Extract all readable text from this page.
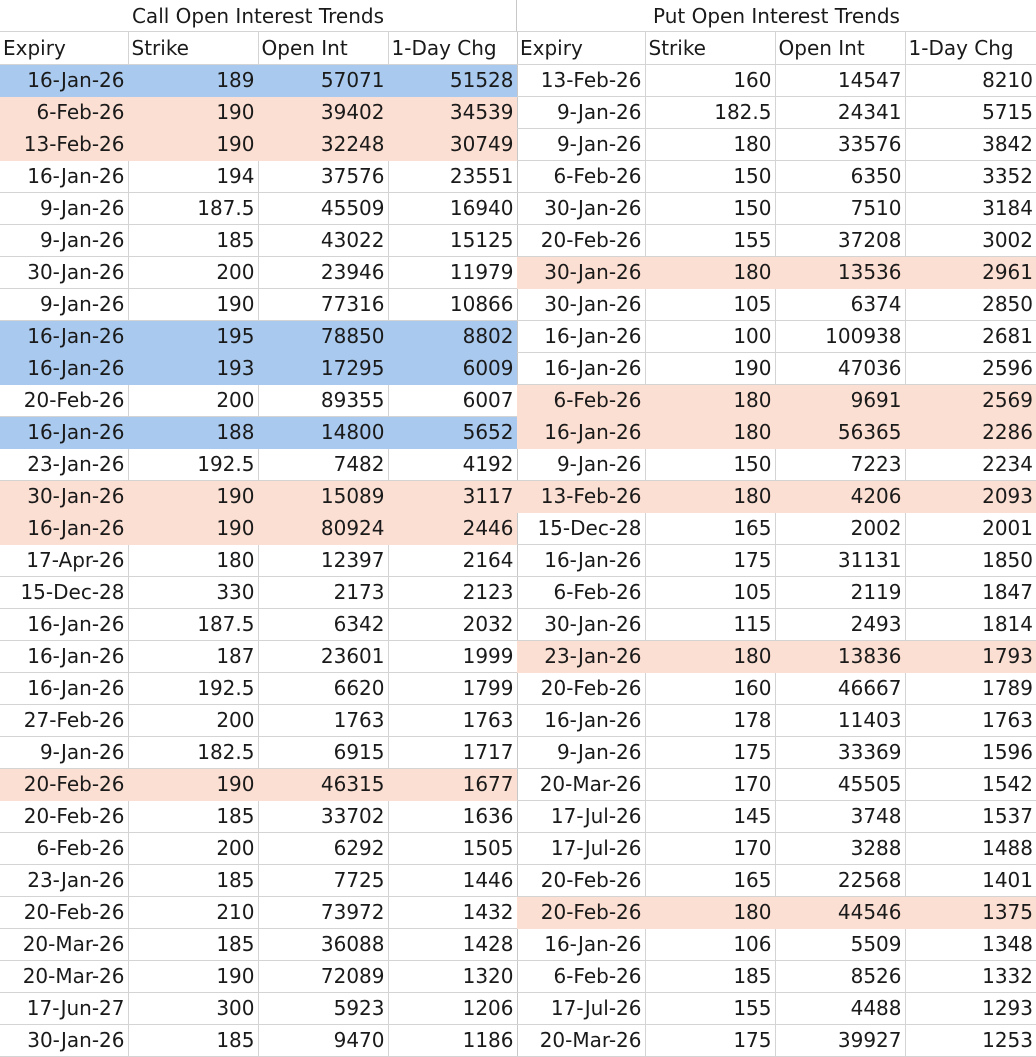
Call Open Interest Trends
Expiry	Strike	Open Int	1-Day Chg
16-Jan-26	189	57071	51528
6-Feb-26	190	39402	34539
13-Feb-26	190	32248	30749
16-Jan-26	194	37576	23551
9-Jan-26	187.5	45509	16940
9-Jan-26	185	43022	15125
30-Jan-26	200	23946	11979
9-Jan-26	190	77316	10866
16-Jan-26	195	78850	8802
16-Jan-26	193	17295	6009
20-Feb-26	200	89355	6007
16-Jan-26	188	14800	5652
23-Jan-26	192.5	7482	4192
30-Jan-26	190	15089	3117
16-Jan-26	190	80924	2446
17-Apr-26	180	12397	2164
15-Dec-28	330	2173	2123
16-Jan-26	187.5	6342	2032
16-Jan-26	187	23601	1999
16-Jan-26	192.5	6620	1799
27-Feb-26	200	1763	1763
9-Jan-26	182.5	6915	1717
20-Feb-26	190	46315	1677
20-Feb-26	185	33702	1636
6-Feb-26	200	6292	1505
23-Jan-26	185	7725	1446
20-Feb-26	210	73972	1432
20-Mar-26	185	36088	1428
20-Mar-26	190	72089	1320
17-Jun-27	300	5923	1206
30-Jan-26	185	9470	1186
Put Open Interest Trends
Expiry	Strike	Open Int	1-Day Chg
13-Feb-26	160	14547	8210
9-Jan-26	182.5	24341	5715
9-Jan-26	180	33576	3842
6-Feb-26	150	6350	3352
30-Jan-26	150	7510	3184
20-Feb-26	155	37208	3002
30-Jan-26	180	13536	2961
30-Jan-26	105	6374	2850
16-Jan-26	100	100938	2681
16-Jan-26	190	47036	2596
6-Feb-26	180	9691	2569
16-Jan-26	180	56365	2286
9-Jan-26	150	7223	2234
13-Feb-26	180	4206	2093
15-Dec-28	165	2002	2001
16-Jan-26	175	31131	1850
6-Feb-26	105	2119	1847
30-Jan-26	115	2493	1814
23-Jan-26	180	13836	1793
20-Feb-26	160	46667	1789
16-Jan-26	178	11403	1763
9-Jan-26	175	33369	1596
20-Mar-26	170	45505	1542
17-Jul-26	145	3748	1537
17-Jul-26	170	3288	1488
20-Feb-26	165	22568	1401
20-Feb-26	180	44546	1375
16-Jan-26	106	5509	1348
6-Feb-26	185	8526	1332
17-Jul-26	155	4488	1293
20-Mar-26	175	39927	1253
